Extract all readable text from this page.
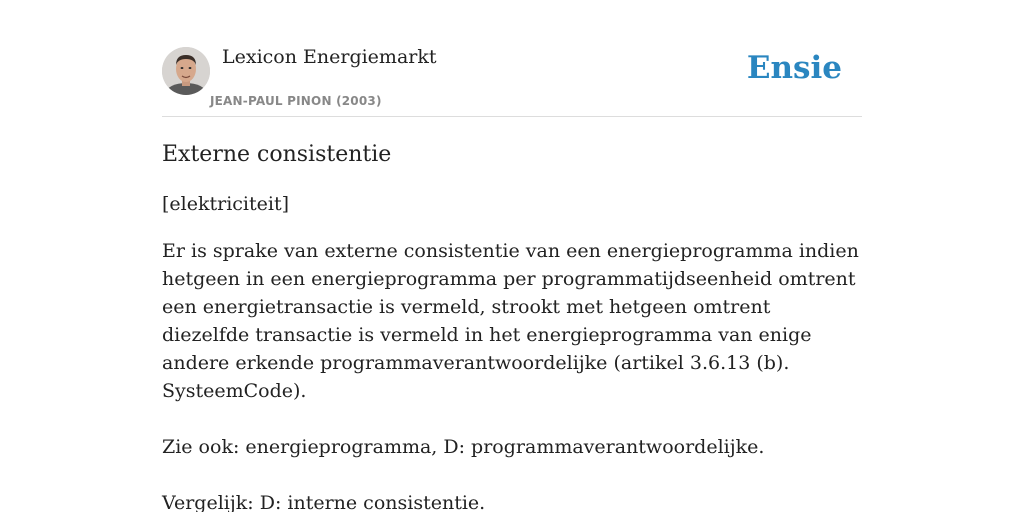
Lexicon Energiemarkt
JEAN-PAUL PINON (2003)
Ensie
Externe consistentie

[elektriciteit]

Er is sprake van externe consistentie van een energieprogramma indien hetgeen in een energieprogramma per programmatijdseenheid omtrent een energietransactie is vermeld, strookt met hetgeen omtrent diezelfde transactie is vermeld in het energieprogramma van enige andere erkende programmaverantwoordelijke (artikel 3.6.13 (b). SysteemCode).

Zie ook: energieprogramma, D: programmaverantwoordelijke.

Vergelijk: D: interne consistentie.
